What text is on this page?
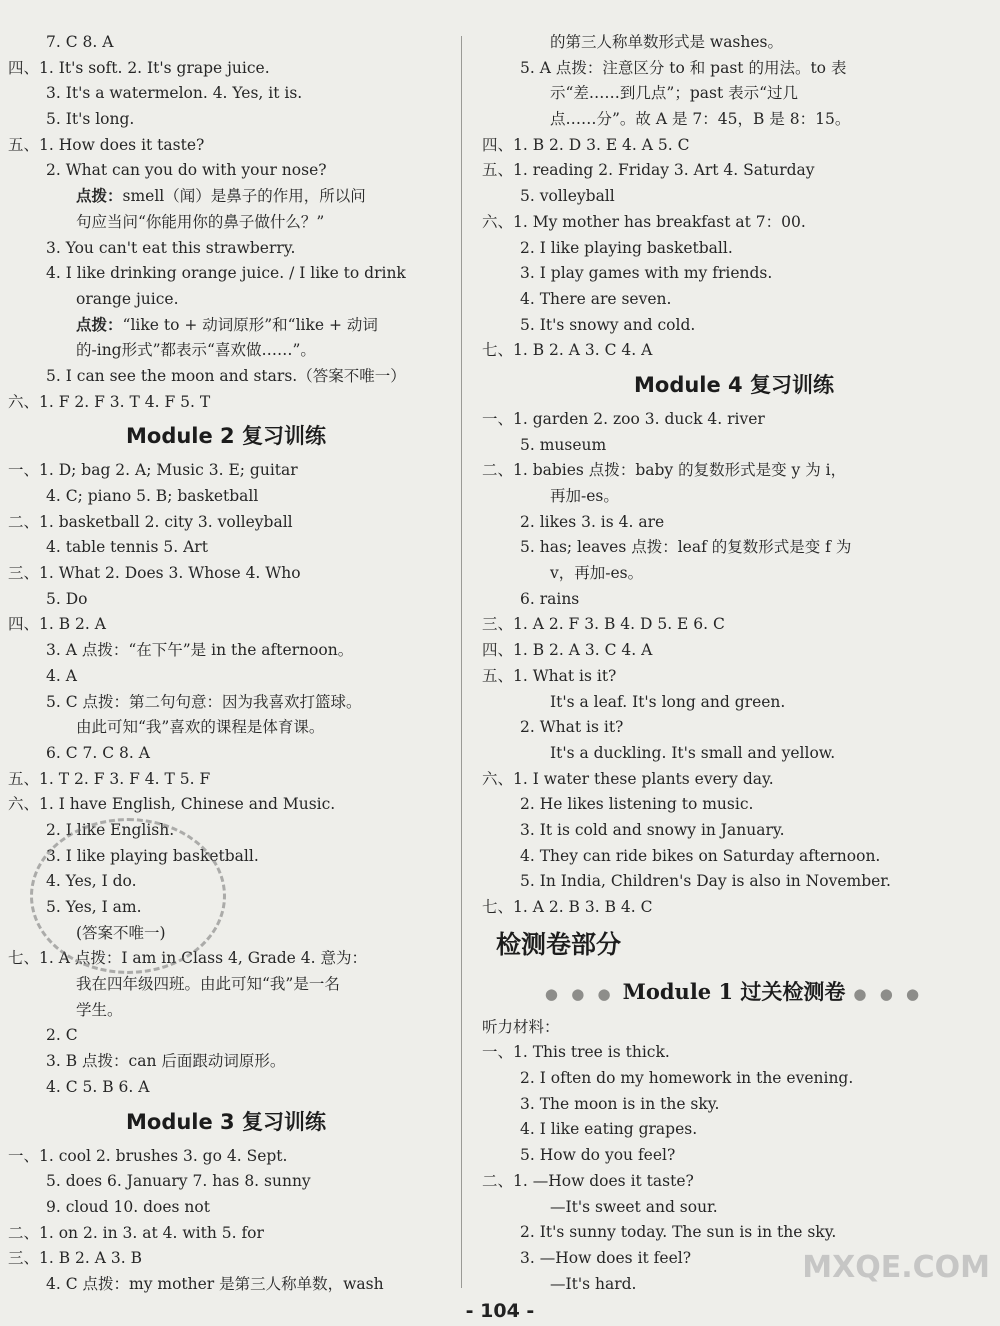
7. C 8. A
四、1. It's soft. 2. It's grape juice.
3. It's a watermelon. 4. Yes, it is.
5. It's long.
五、1. How does it taste?
2. What can you do with your nose?
点拨：smell（闻）是鼻子的作用，所以问
句应当问“你能用你的鼻子做什么？”
3. You can't eat this strawberry.
4. I like drinking orange juice. / I like to drink
orange juice.
点拨：“like to + 动词原形”和“like + 动词
的-ing形式”都表示“喜欢做……”。
5. I can see the moon and stars.（答案不唯一）
六、1. F 2. F 3. T 4. F 5. T
Module 2 复习训练
一、1. D; bag 2. A; Music 3. E; guitar
4. C; piano 5. B; basketball
二、1. basketball 2. city 3. volleyball
4. table tennis 5. Art
三、1. What 2. Does 3. Whose 4. Who
5. Do
四、1. B 2. A
3. A 点拨：“在下午”是 in the afternoon。
4. A
5. C 点拨：第二句句意：因为我喜欢打篮球。
由此可知“我”喜欢的课程是体育课。
6. C 7. C 8. A
五、1. T 2. F 3. F 4. T 5. F
六、1. I have English, Chinese and Music.
2. I like English.
3. I like playing basketball.
4. Yes, I do.
5. Yes, I am.
(答案不唯一)
七、1. A 点拨：I am in Class 4, Grade 4. 意为：
我在四年级四班。由此可知“我”是一名
学生。
2. C
3. B 点拨：can 后面跟动词原形。
4. C 5. B 6. A
Module 3 复习训练
一、1. cool 2. brushes 3. go 4. Sept.
5. does 6. January 7. has 8. sunny
9. cloud 10. does not
二、1. on 2. in 3. at 4. with 5. for
三、1. B 2. A 3. B
4. C 点拨：my mother 是第三人称单数，wash
的第三人称单数形式是 washes。
5. A 点拨：注意区分 to 和 past 的用法。to 表
示“差……到几点”；past 表示“过几
点……分”。故 A 是 7：45，B 是 8：15。
四、1. B 2. D 3. E 4. A 5. C
五、1. reading 2. Friday 3. Art 4. Saturday
5. volleyball
六、1. My mother has breakfast at 7：00.
2. I like playing basketball.
3. I play games with my friends.
4. There are seven.
5. It's snowy and cold.
七、1. B 2. A 3. C 4. A
Module 4 复习训练
一、1. garden 2. zoo 3. duck 4. river
5. museum
二、1. babies 点拨：baby 的复数形式是变 y 为 i，
再加-es。
2. likes 3. is 4. are
5. has; leaves 点拨：leaf 的复数形式是变 f 为
v，再加-es。
6. rains
三、1. A 2. F 3. B 4. D 5. E 6. C
四、1. B 2. A 3. C 4. A
五、1. What is it?
It's a leaf. It's long and green.
2. What is it?
It's a duckling. It's small and yellow.
六、1. I water these plants every day.
2. He likes listening to music.
3. It is cold and snowy in January.
4. They can ride bikes on Saturday afternoon.
5. In India, Children's Day is also in November.
七、1. A 2. B 3. B 4. C
检测卷部分
● ● ● Module 1 过关检测卷 ● ● ●
听力材料：
一、1. This tree is thick.
2. I often do my homework in the evening.
3. The moon is in the sky.
4. I like eating grapes.
5. How do you feel?
二、1. —How does it taste?
—It's sweet and sour.
2. It's sunny today. The sun is in the sky.
3. —How does it feel?
—It's hard.	MXQE.COM
- 104 -
